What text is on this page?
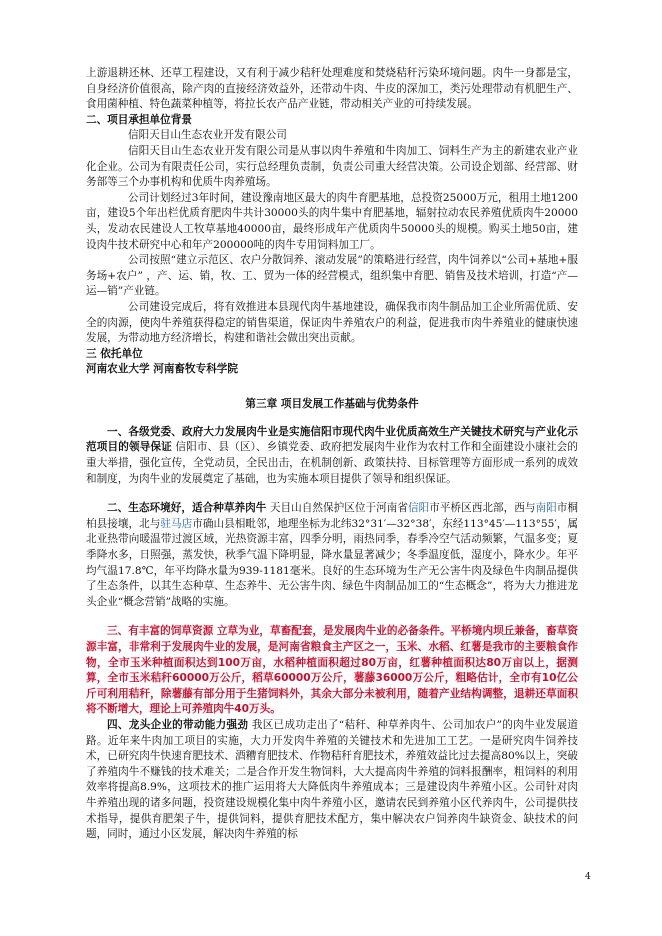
上游退耕还林、还草工程建设，又有利于减少秸秆处理难度和焚烧秸秆污染环境问题。肉牛一身都是宝，自身经济价值很高，除产肉的直接经济效益外，还带动牛肉、牛皮的深加工，类污处理带动有机肥生产、食用菌种植、特色蔬菜种植等，将拉长农产品产业链，带动相关产业的可持续发展。

二、项目承担单位背景

信阳天目山生态农业开发有限公司

信阳天目山生态农业开发有限公司是从事以肉牛养殖和牛肉加工、饲料生产为主的新建农业产业化企业。公司为有限责任公司，实行总经理负责制，负责公司重大经营决策。公司设企划部、经营部、财务部等三个办事机构和优质牛肉养殖场。

公司计划经过3年时间，建设豫南地区最大的肉牛育肥基地，总投资25000万元，租用土地1200亩，建设5个年出栏优质育肥肉牛共计30000头的肉牛集中育肥基地，辐射拉动农民养殖优质肉牛20000头，发动农民建设人工牧草基地40000亩，最终形成年产优质肉牛50000头的规模。购买土地50亩，建设肉牛技术研究中心和年产200000吨的肉牛专用饲料加工厂。

公司按照“建立示范区、农户分散饲养、滚动发展”的策略进行经营，肉牛饲养以“公司+基地+服务场+农户” ，产、运、销，牧、工、贸为一体的经营模式，组织集中育肥、销售及技术培训，打造“产—运—销”产业链。

公司建设完成后，将有效推进本县现代肉牛基地建设，确保我市肉牛制品加工企业所需优质、安全的肉源，使肉牛养殖获得稳定的销售渠道，保证肉牛养殖农户的利益，促进我市肉牛养殖业的健康快速发展，为带动地方经济增长，构建和谐社会做出突出贡献。

三 依托单位
河南农业大学 河南畜牧专科学院
第三章 项目发展工作基础与优势条件

一、各级党委、政府大力发展肉牛业是实施信阳市现代肉牛业优质高效生产关键技术研究与产业化示范项目的领导保证 信阳市、县（区）、乡镇党委、政府把发展肉牛业作为农村工作和全面建设小康社会的重大举措，强化宣传，全党动员，全民出击，在机制创新、政策扶持、目标管理等方面形成一系列的成效和制度，为肉牛业的发展奠定了基础，也为实施本项目提供了领导和组织保证。

二、生态环境好，适合种草养肉牛 天目山自然保护区位于河南省信阳市平桥区西北部，西与南阳市桐柏县接壤，北与驻马店市确山县相毗邻，地理坐标为北纬32°31′—32°38′，东经113°45′—113°55′，属北亚热带向暖温带过渡区域，光热资源丰富，四季分明，雨热同季，春季冷空气活动频繁，气温多变；夏季降水多，日照强，蒸发快，秋季气温下降明显，降水量显著减少；冬季温度低，湿度小，降水少。年平均气温17.8℃，年平均降水量为939‑1181毫米。良好的生态环境为生产无公害牛肉及绿色牛肉制品提供了生态条件，以其生态种草、生态养牛、无公害牛肉、绿色牛肉制品加工的“生态概念”，将为大力推进龙头企业“概念营销”战略的实施。

三、有丰富的饲草资源 立草为业，草畜配套，是发展肉牛业的必备条件。平桥境内坝丘兼备，畜草资源丰富，非常利于发展肉牛业的发展，是河南省粮食主产区之一，玉米、水稻、红薯是我市的主要粮食作物，全市玉米种植面积达到100万亩，水稻种植面积超过80万亩，红薯种植面积达80万亩以上，据测算，全市玉米秸秆60000万公斤，稻草60000万公斤，薯藤36000万公斤，粗略估计，全市有10亿公斤可利用秸秆，除薯藤有部分用于生猪饲料外，其余大部分未被利用，随着产业结构调整，退耕还草面积将不断增大，理论上可养殖肉牛40万头。

四、龙头企业的带动能力强劲 我区已成功走出了“秸秆、种草养肉牛、公司加农户”的肉牛业发展道路。近年来牛肉加工项目的实施，大力开发肉牛养殖的关键技术和先进加工工艺。一是研究肉牛饲养技术，已研究肉牛快速育肥技术、酒糟育肥技术、作物秸秆育肥技术，养殖效益比过去提高80%以上，突破了养殖肉牛不赚钱的技术难关；二是合作开发生物饲料，大大提高肉牛养殖的饲料报酬率，粗饲料的利用效率将提高8.9%，这项技术的推广运用将大大降低肉牛养殖成本；三是建设肉牛养殖小区。公司针对肉牛养殖出现的诸多问题，投资建设规模化集中肉牛养殖小区，邀请农民到养殖小区代养肉牛，公司提供技术指导，提供育肥架子牛，提供饲料，提供育肥技术配方，集中解决农户饲养肉牛缺资金、缺技术的问题，同时，通过小区发展，解决肉牛养殖的标

4
